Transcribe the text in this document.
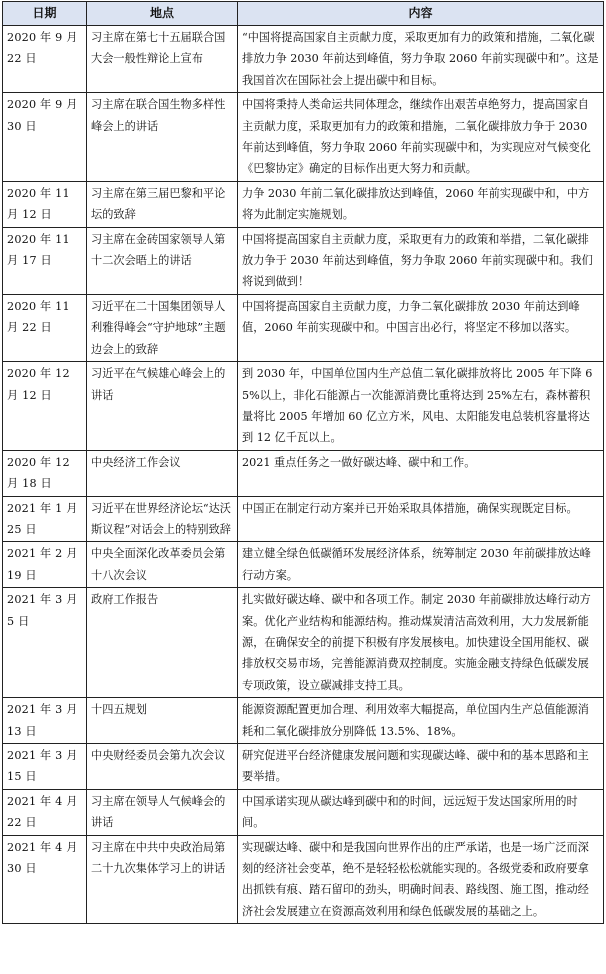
日期	地点	内容
2020 年 9 月 22 日	习主席在第七十五届联合国大会一般性辩论上宣布	“中国将提高国家自主贡献力度，采取更加有力的政策和措施，二氧化碳排放力争 2030 年前达到峰值，努力争取 2060 年前实现碳中和”。这是我国首次在国际社会上提出碳中和目标。
2020 年 9 月 30 日	习主席在联合国生物多样性峰会上的讲话	中国将秉持人类命运共同体理念，继续作出艰苦卓绝努力，提高国家自主贡献力度，采取更加有力的政策和措施，二氧化碳排放力争于 2030 年前达到峰值，努力争取 2060 年前实现碳中和，为实现应对气候变化《巴黎协定》确定的目标作出更大努力和贡献。
2020 年 11 月 12 日	习主席在第三届巴黎和平论坛的致辞	力争 2030 年前二氧化碳排放达到峰值，2060 年前实现碳中和，中方将为此制定实施规划。
2020 年 11 月 17 日	习主席在金砖国家领导人第十二次会晤上的讲话	中国将提高国家自主贡献力度，采取更有力的政策和举措，二氧化碳排放力争于 2030 年前达到峰值，努力争取 2060 年前实现碳中和。我们将说到做到！
2020 年 11 月 22 日	习近平在二十国集团领导人利雅得峰会“守护地球”主题边会上的致辞	中国将提高国家自主贡献力度，力争二氧化碳排放 2030 年前达到峰值，2060 年前实现碳中和。中国言出必行，将坚定不移加以落实。
2020 年 12 月 12 日	习近平在气候雄心峰会上的讲话	到 2030 年，中国单位国内生产总值二氧化碳排放将比 2005 年下降 65%以上，非化石能源占一次能源消费比重将达到 25%左右，森林蓄积量将比 2005 年增加 60 亿立方米，风电、太阳能发电总装机容量将达到 12 亿千瓦以上。
2020 年 12 月 18 日	中央经济工作会议	2021 重点任务之一做好碳达峰、碳中和工作。
2021 年 1 月 25 日	习近平在世界经济论坛“达沃斯议程”对话会上的特别致辞	中国正在制定行动方案并已开始采取具体措施，确保实现既定目标。
2021 年 2 月 19 日	中央全面深化改革委员会第十八次会议	建立健全绿色低碳循环发展经济体系，统筹制定 2030 年前碳排放达峰行动方案。
2021 年 3 月 5 日	政府工作报告	扎实做好碳达峰、碳中和各项工作。制定 2030 年前碳排放达峰行动方案。优化产业结构和能源结构。推动煤炭清洁高效利用，大力发展新能源，在确保安全的前提下积极有序发展核电。加快建设全国用能权、碳排放权交易市场，完善能源消费双控制度。实施金融支持绿色低碳发展专项政策，设立碳减排支持工具。
2021 年 3 月 13 日	十四五规划	能源资源配置更加合理、利用效率大幅提高，单位国内生产总值能源消耗和二氧化碳排放分别降低 13.5%、18%。
2021 年 3 月 15 日	中央财经委员会第九次会议	研究促进平台经济健康发展问题和实现碳达峰、碳中和的基本思路和主要举措。
2021 年 4 月 22 日	习主席在领导人气候峰会的讲话	中国承诺实现从碳达峰到碳中和的时间，远远短于发达国家所用的时间。
2021 年 4 月 30 日	习主席在中共中央政治局第二十九次集体学习上的讲话	实现碳达峰、碳中和是我国向世界作出的庄严承诺，也是一场广泛而深刻的经济社会变革，绝不是轻轻松松就能实现的。各级党委和政府要拿出抓铁有痕、踏石留印的劲头，明确时间表、路线图、施工图，推动经济社会发展建立在资源高效利用和绿色低碳发展的基础之上。
